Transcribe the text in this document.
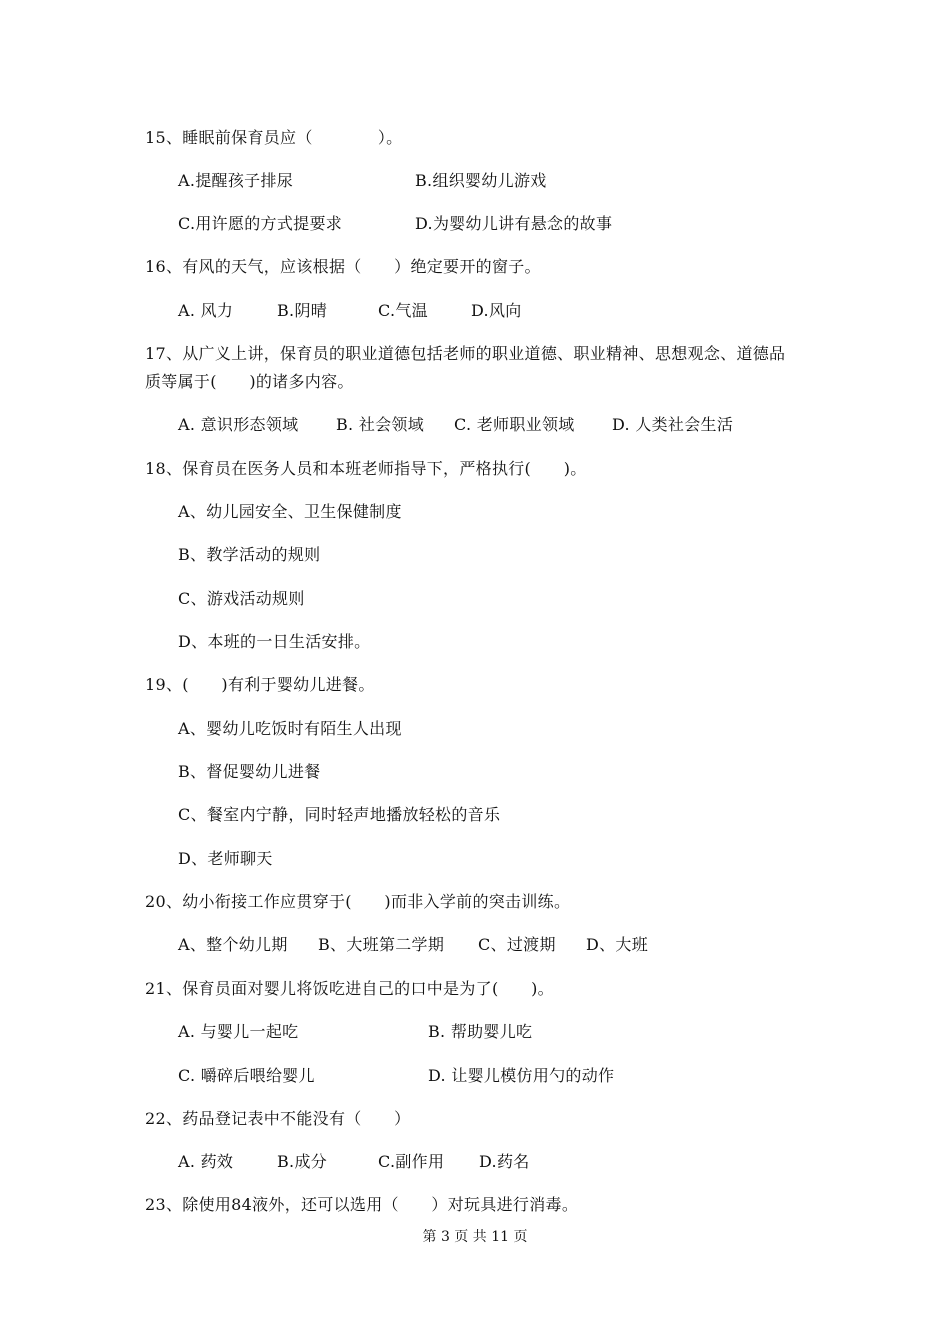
15、睡眠前保育员应（　　　　）。
A.提醒孩子排尿	B.组织婴幼儿游戏
C.用许愿的方式提要求	D.为婴幼儿讲有悬念的故事
16、有风的天气，应该根据（　　）绝定要开的窗子。
A. 风力	B.阴晴	C.气温	D.风向
17、从广义上讲，保育员的职业道德包括老师的职业道德、职业精神、思想观念、道德品
质等属于(　　)的诸多内容。
A. 意识形态领域 B. 社会领域 C. 老师职业领域 D. 人类社会生活
18、保育员在医务人员和本班老师指导下，严格执行(　　)。
A、幼儿园安全、卫生保健制度
B、教学活动的规则
C、游戏活动规则
D、本班的一日生活安排。
19、(　　)有利于婴幼儿进餐。
A、婴幼儿吃饭时有陌生人出现
B、督促婴幼儿进餐
C、餐室内宁静，同时轻声地播放轻松的音乐
D、老师聊天
20、幼小衔接工作应贯穿于(　　)而非入学前的突击训练。
A、整个幼儿期 B、大班第二学期 C、过渡期 D、大班
21、保育员面对婴儿将饭吃进自己的口中是为了(　　)。
A. 与婴儿一起吃	B. 帮助婴儿吃
C. 嚼碎后喂给婴儿	D. 让婴儿模仿用勺的动作
22、药品登记表中不能没有（　　）
A. 药效	B.成分	C.副作用 D.药名
23、除使用84液外，还可以选用（　　）对玩具进行消毒。
第 3 页 共 11 页
